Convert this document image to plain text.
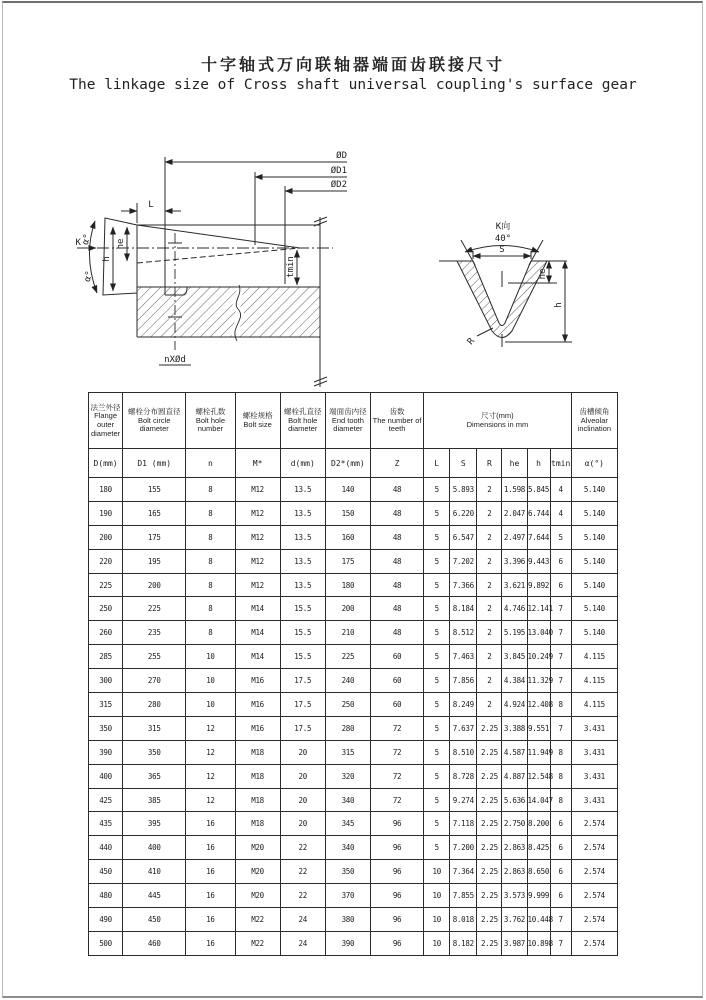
十字轴式万向联轴器端面齿联接尺寸
The linkage size of Cross shaft universal coupling's surface gear
ØD
ØD1
ØD2
L
K α°
α°
he
h	tmin
nXØd
K向
40°
S
he
h
R
法兰外径
Flange outer diameter

螺栓分布圆直径
Bolt circle diameter

螺栓孔数
Bolt hole number

螺栓规格
Bolt size

螺栓孔直径
Bolt hole diameter

端面齿内径
End tooth diameter

齿数
The number of teeth

尺寸(mm)
Dimensions in mm

齿槽倾角
Alveolar inclination

D(mm)	D1 (mm)	n	M*	d(mm)	D2*(mm)	Z	L	S	R	he	h	tmin	α(°)
180	155	8	M12	13.5	140	48	5	5.893	2	1.598	5.845	4	5.140
190	165	8	M12	13.5	150	48	5	6.220	2	2.047	6.744	4	5.140
200	175	8	M12	13.5	160	48	5	6.547	2	2.497	7.644	5	5.140
220	195	8	M12	13.5	175	48	5	7.202	2	3.396	9.443	6	5.140
225	200	8	M12	13.5	180	48	5	7.366	2	3.621	9.892	6	5.140
250	225	8	M14	15.5	200	48	5	8.184	2	4.746	12.141	7	5.140
260	235	8	M14	15.5	210	48	5	8.512	2	5.195	13.040	7	5.140
285	255	10	M14	15.5	225	60	5	7.463	2	3.845	10.249	7	4.115
300	270	10	M16	17.5	240	60	5	7.856	2	4.384	11.329	7	4.115
315	280	10	M16	17.5	250	60	5	8.249	2	4.924	12.408	8	4.115
350	315	12	M16	17.5	280	72	5	7.637	2.25	3.388	9.551	7	3.431
390	350	12	M18	20	315	72	5	8.510	2.25	4.587	11.949	8	3.431
400	365	12	M18	20	320	72	5	8.728	2.25	4.887	12.548	8	3.431
425	385	12	M18	20	340	72	5	9.274	2.25	5.636	14.047	8	3.431
435	395	16	M18	20	345	96	5	7.118	2.25	2.750	8.200	6	2.574
440	400	16	M20	22	340	96	5	7.200	2.25	2.863	8.425	6	2.574
450	410	16	M20	22	350	96	10	7.364	2.25	2.863	8.650	6	2.574
480	445	16	M20	22	370	96	10	7.855	2.25	3.573	9.999	6	2.574
490	450	16	M22	24	380	96	10	8.018	2.25	3.762	10.448	7	2.574
500	460	16	M22	24	390	96	10	8.182	2.25	3.987	10.898	7	2.574
